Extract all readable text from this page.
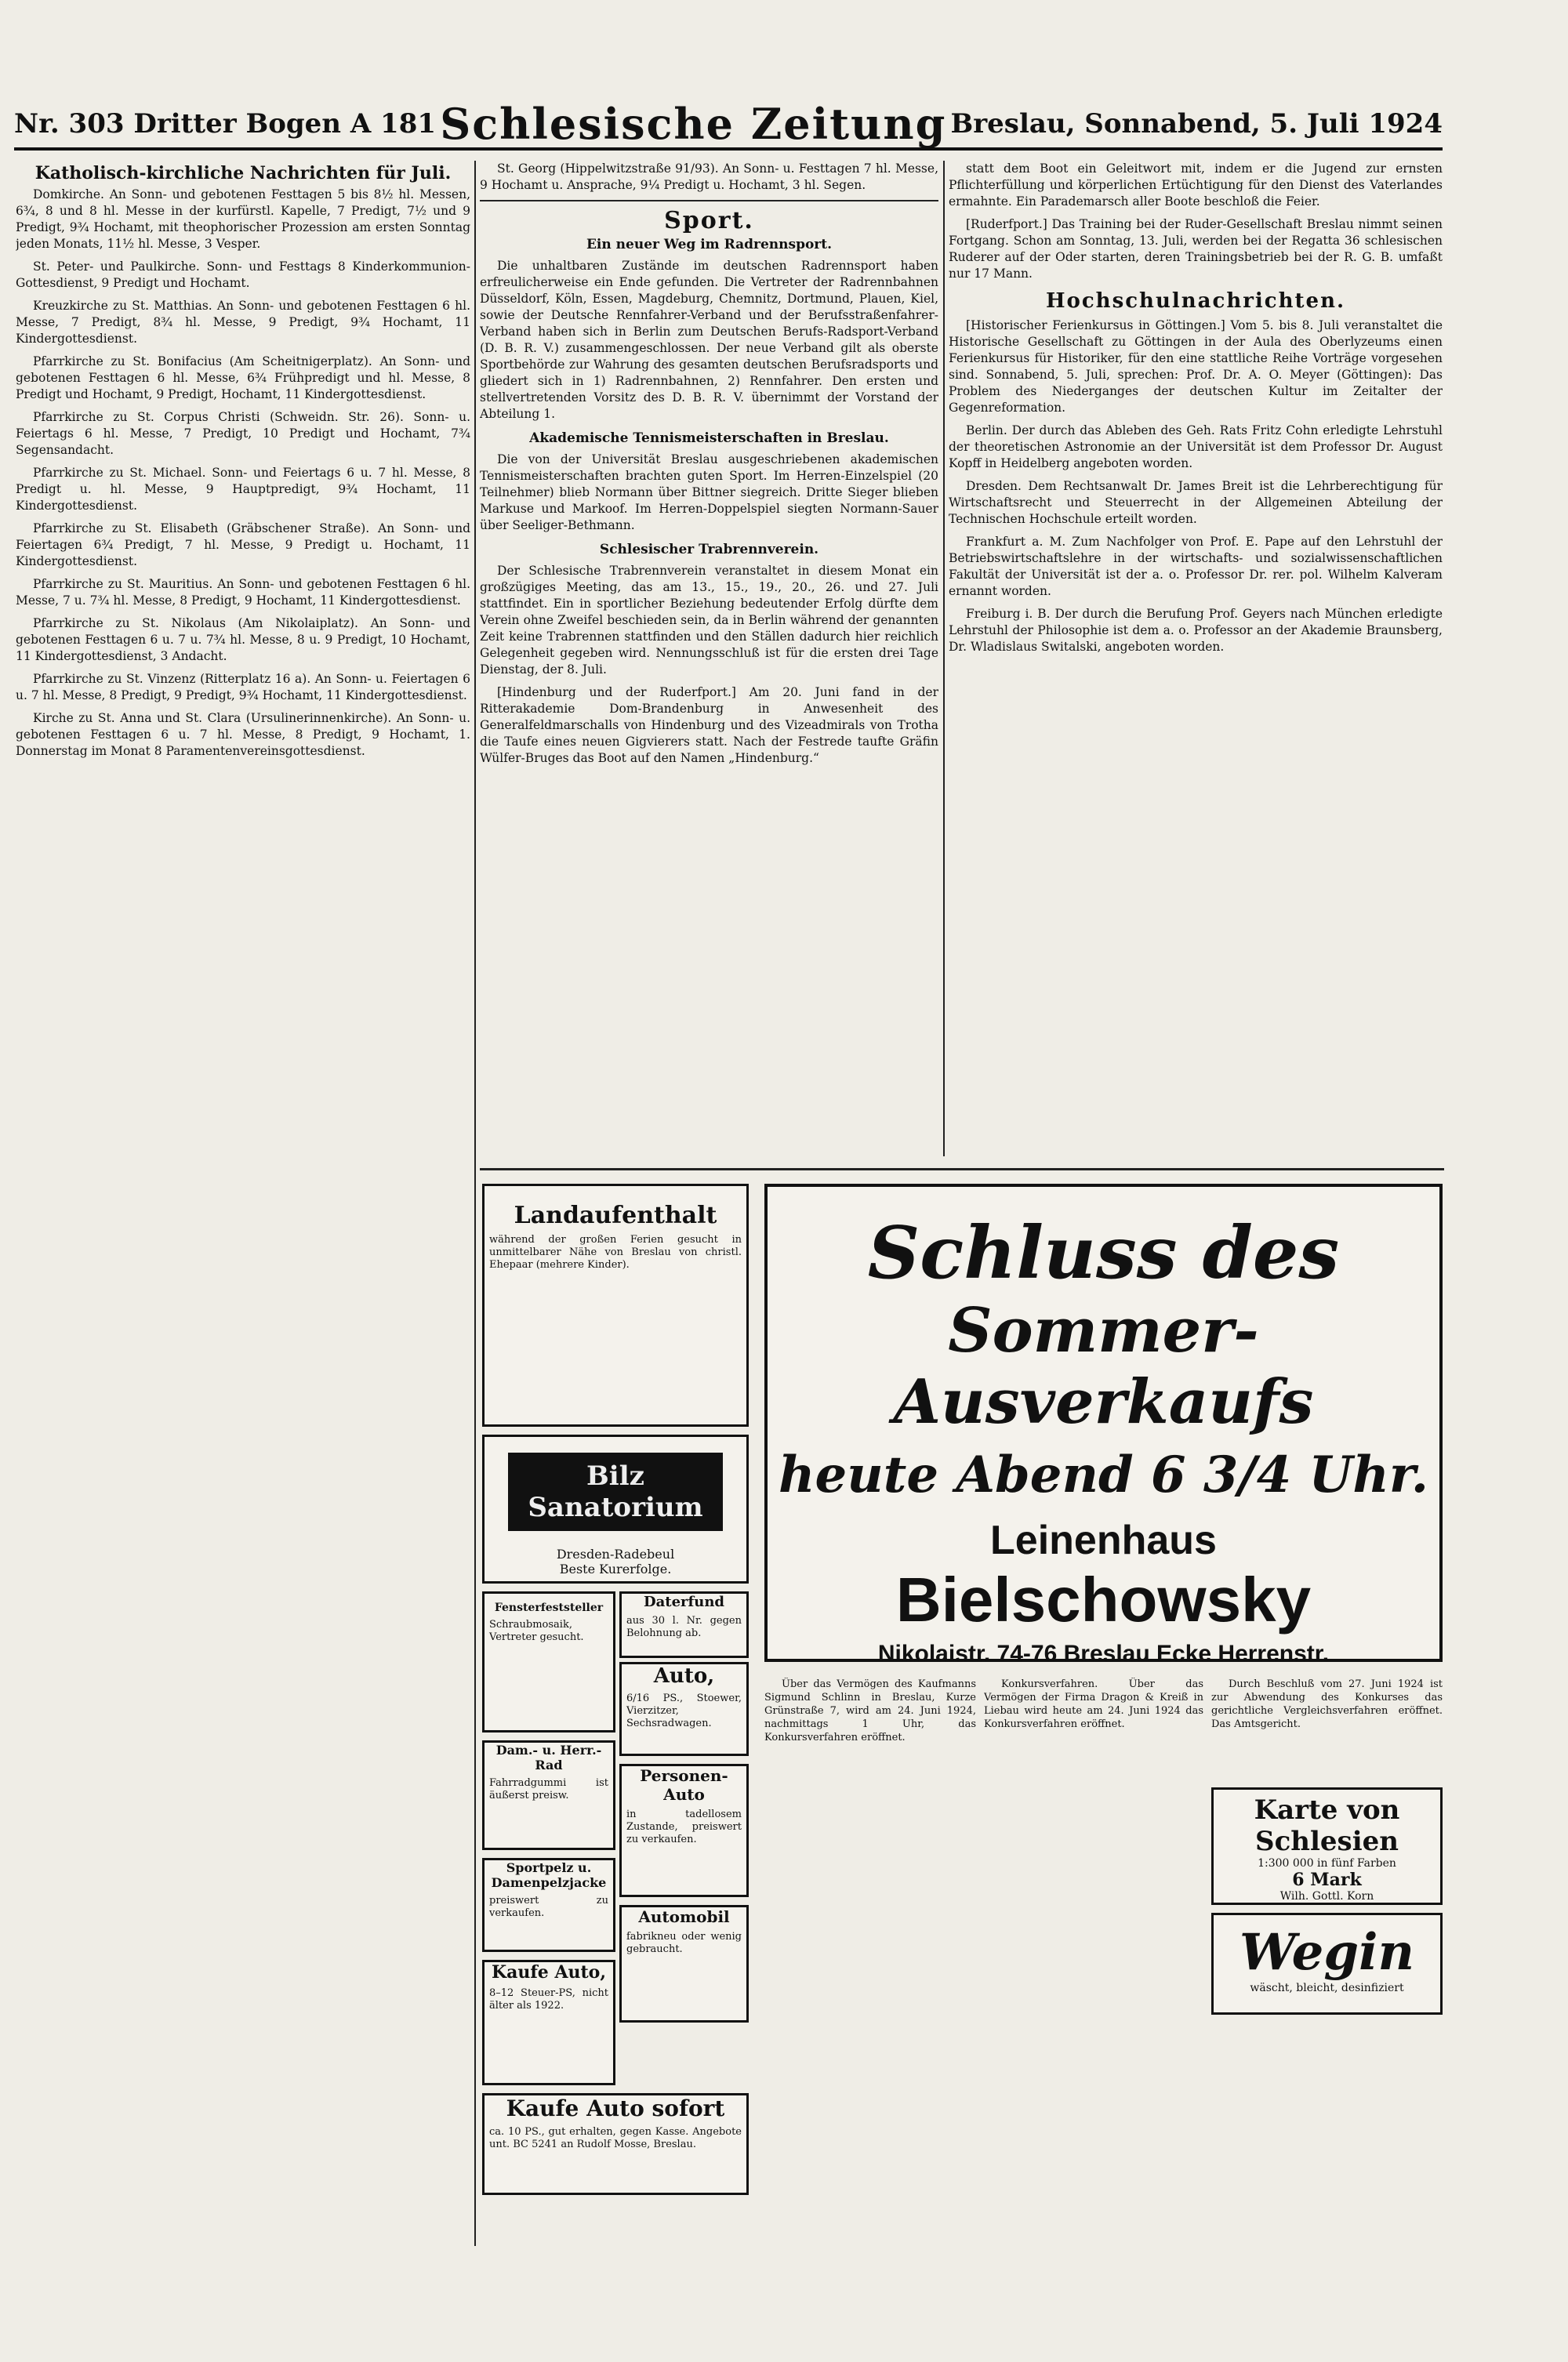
Nr. 303 Dritter Bogen A 181 Schlesische Zeitung Breslau, Sonnabend, 5. Juli 1924
Katholisch-kirchliche Nachrichten für Juli.

Domkirche. An Sonn- und gebotenen Festtagen 5 bis 8½ hl. Messen, 6¾, 8 und 8 hl. Messe in der kurfürstl. Kapelle, 7 Predigt, 7½ und 9 Predigt, 9¾ Hochamt, mit theophorischer Prozession am ersten Sonntag jeden Monats, 11½ hl. Messe, 3 Vesper.

St. Peter- und Paulkirche. Sonn- und Festtags 8 Kinderkommunion-Gottesdienst, 9 Predigt und Hochamt.

Kreuzkirche zu St. Matthias. An Sonn- und gebotenen Festtagen 6 hl. Messe, 7 Predigt, 8¾ hl. Messe, 9 Predigt, 9¾ Hochamt, 11 Kindergottesdienst.

Pfarrkirche zu St. Bonifacius (Am Scheitnigerplatz). An Sonn- und gebotenen Festtagen 6 hl. Messe, 6¾ Frühpredigt und hl. Messe, 8 Predigt und Hochamt, 9 Predigt, Hochamt, 11 Kindergottesdienst.

Pfarrkirche zu St. Corpus Christi (Schweidn. Str. 26). Sonn- u. Feiertags 6 hl. Messe, 7 Predigt, 10 Predigt und Hochamt, 7¾ Segensandacht.

Pfarrkirche zu St. Michael. Sonn- und Feiertags 6 u. 7 hl. Messe, 8 Predigt u. hl. Messe, 9 Hauptpredigt, 9¾ Hochamt, 11 Kindergottesdienst.

Pfarrkirche zu St. Elisabeth (Gräbschener Straße). An Sonn- und Feiertagen 6¾ Predigt, 7 hl. Messe, 9 Predigt u. Hochamt, 11 Kindergottesdienst.

Pfarrkirche zu St. Mauritius. An Sonn- und gebotenen Festtagen 6 hl. Messe, 7 u. 7¾ hl. Messe, 8 Predigt, 9 Hochamt, 11 Kindergottesdienst.

Pfarrkirche zu St. Nikolaus (Am Nikolaiplatz). An Sonn- und gebotenen Festtagen 6 u. 7 u. 7¾ hl. Messe, 8 u. 9 Predigt, 10 Hochamt, 11 Kindergottesdienst, 3 Andacht.

Pfarrkirche zu St. Vinzenz (Ritterplatz 16 a). An Sonn- u. Feiertagen 6 u. 7 hl. Messe, 8 Predigt, 9 Predigt, 9¾ Hochamt, 11 Kindergottesdienst.

Kirche zu St. Anna und St. Clara (Ursulinerinnenkirche). An Sonn- u. gebotenen Festtagen 6 u. 7 hl. Messe, 8 Predigt, 9 Hochamt, 1. Donnerstag im Monat 8 Paramentenvereinsgottesdienst.

St. Georg (Hippelwitzstraße 91/93). An Sonn- u. Festtagen 7 hl. Messe, 9 Hochamt u. Ansprache, 9¼ Predigt u. Hochamt, 3 hl. Segen.

Sport.
Ein neuer Weg im Radrennsport.

Die unhaltbaren Zustände im deutschen Radrennsport haben erfreulicherweise ein Ende gefunden. Die Vertreter der Radrennbahnen Düsseldorf, Köln, Essen, Magdeburg, Chemnitz, Dortmund, Plauen, Kiel, sowie der Deutsche Rennfahrer-Verband und der Berufsstraßenfahrer-Verband haben sich in Berlin zum Deutschen Berufs-Radsport-Verband (D. B. R. V.) zusammengeschlossen. Der neue Verband gilt als oberste Sportbehörde zur Wahrung des gesamten deutschen Berufsradsports und gliedert sich in 1) Radrennbahnen, 2) Rennfahrer. Den ersten und stellvertretenden Vorsitz des D. B. R. V. übernimmt der Vorstand der Abteilung 1.

Akademische Tennismeisterschaften in Breslau.

Die von der Universität Breslau ausgeschriebenen akademischen Tennismeisterschaften brachten guten Sport. Im Herren-Einzelspiel (20 Teilnehmer) blieb Normann über Bittner siegreich. Dritte Sieger blieben Markuse und Markoof. Im Herren-Doppelspiel siegten Normann-Sauer über Seeliger-Bethmann.

Schlesischer Trabrennverein.

Der Schlesische Trabrennverein veranstaltet in diesem Monat ein großzügiges Meeting, das am 13., 15., 19., 20., 26. und 27. Juli stattfindet. Ein in sportlicher Beziehung bedeutender Erfolg dürfte dem Verein ohne Zweifel beschieden sein, da in Berlin während der genannten Zeit keine Trabrennen stattfinden und den Ställen dadurch hier reichlich Gelegenheit gegeben wird. Nennungsschluß ist für die ersten drei Tage Dienstag, der 8. Juli.

[Hindenburg und der Ruderfport.] Am 20. Juni fand in der Ritterakademie Dom-Brandenburg in Anwesenheit des Generalfeldmarschalls von Hindenburg und des Vizeadmirals von Trotha die Taufe eines neuen Gigvierers statt. Nach der Festrede taufte Gräfin Wülfer-Bruges das Boot auf den Namen „Hindenburg.“

statt dem Boot ein Geleitwort mit, indem er die Jugend zur ernsten Pflichterfüllung und körperlichen Ertüchtigung für den Dienst des Vaterlandes ermahnte. Ein Parademarsch aller Boote beschloß die Feier.

[Ruderfport.] Das Training bei der Ruder-Gesellschaft Breslau nimmt seinen Fortgang. Schon am Sonntag, 13. Juli, werden bei der Regatta 36 schlesischen Ruderer auf der Oder starten, deren Trainingsbetrieb bei der R. G. B. umfaßt nur 17 Mann.

Hochschulnachrichten.

[Historischer Ferienkursus in Göttingen.] Vom 5. bis 8. Juli veranstaltet die Historische Gesellschaft zu Göttingen in der Aula des Oberlyzeums einen Ferienkursus für Historiker, für den eine stattliche Reihe Vorträge vorgesehen sind. Sonnabend, 5. Juli, sprechen: Prof. Dr. A. O. Meyer (Göttingen): Das Problem des Niederganges der deutschen Kultur im Zeitalter der Gegenreformation.

Berlin. Der durch das Ableben des Geh. Rats Fritz Cohn erledigte Lehrstuhl der theoretischen Astronomie an der Universität ist dem Professor Dr. August Kopff in Heidelberg angeboten worden.

Dresden. Dem Rechtsanwalt Dr. James Breit ist die Lehrberechtigung für Wirtschaftsrecht und Steuerrecht in der Allgemeinen Abteilung der Technischen Hochschule erteilt worden.

Frankfurt a. M. Zum Nachfolger von Prof. E. Pape auf den Lehrstuhl der Betriebswirtschaftslehre in der wirtschafts- und sozialwissenschaftlichen Fakultät der Universität ist der a. o. Professor Dr. rer. pol. Wilhelm Kalveram ernannt worden.

Freiburg i. B. Der durch die Berufung Prof. Geyers nach München erledigte Lehrstuhl der Philosophie ist dem a. o. Professor an der Akademie Braunsberg, Dr. Wladislaus Switalski, angeboten worden.

Landaufenthalt
während der großen Ferien gesucht in unmittelbarer Nähe von Breslau von christl. Ehepaar (mehrere Kinder).
Bilz Sanatorium
Dresden-Radebeul
Beste Kurerfolge.
Fensterfeststeller
Schraubmosaik, Vertreter gesucht.
Daterfund
aus 30 l. Nr. gegen Belohnung ab.
Auto,
6/16 PS., Stoewer, Vierzitzer, Sechsradwagen.
Dam.- u. Herr.-Rad
Fahrradgummi ist äußerst preisw.
Personen-Auto
in tadellosem Zustande, preiswert zu verkaufen.
Sportpelz u. Damenpelzjacke
preiswert zu verkaufen.	Automobil
fabrikneu oder wenig gebraucht.
Kaufe Auto,
8–12 Steuer-PS, nicht älter als 1922.
Kaufe Auto sofort
ca. 10 PS., gut erhalten, gegen Kasse. Angebote unt. BC 5241 an Rudolf Mosse, Breslau.
Schluss des
Sommer-Ausverkaufs
heute Abend 6 3/4 Uhr.
Leinenhaus
Bielschowsky
Nikolaistr. 74-76 Breslau Ecke Herrenstr.

Über das Vermögen des Kaufmanns Sigmund Schlinn in Breslau, Kurze Grünstraße 7, wird am 24. Juni 1924, nachmittags 1 Uhr, das Konkursverfahren eröffnet.

Konkursverfahren. Über das Vermögen der Firma Dragon & Kreiß in Liebau wird heute am 24. Juni 1924 das Konkursverfahren eröffnet.

Durch Beschluß vom 27. Juni 1924 ist zur Abwendung des Konkurses das gerichtliche Vergleichsverfahren eröffnet. Das Amtsgericht.

Karte von Schlesien
1:300 000 in fünf Farben
6 Mark
Wilh. Gottl. Korn
Wegin
wäscht, bleicht, desinfiziert
